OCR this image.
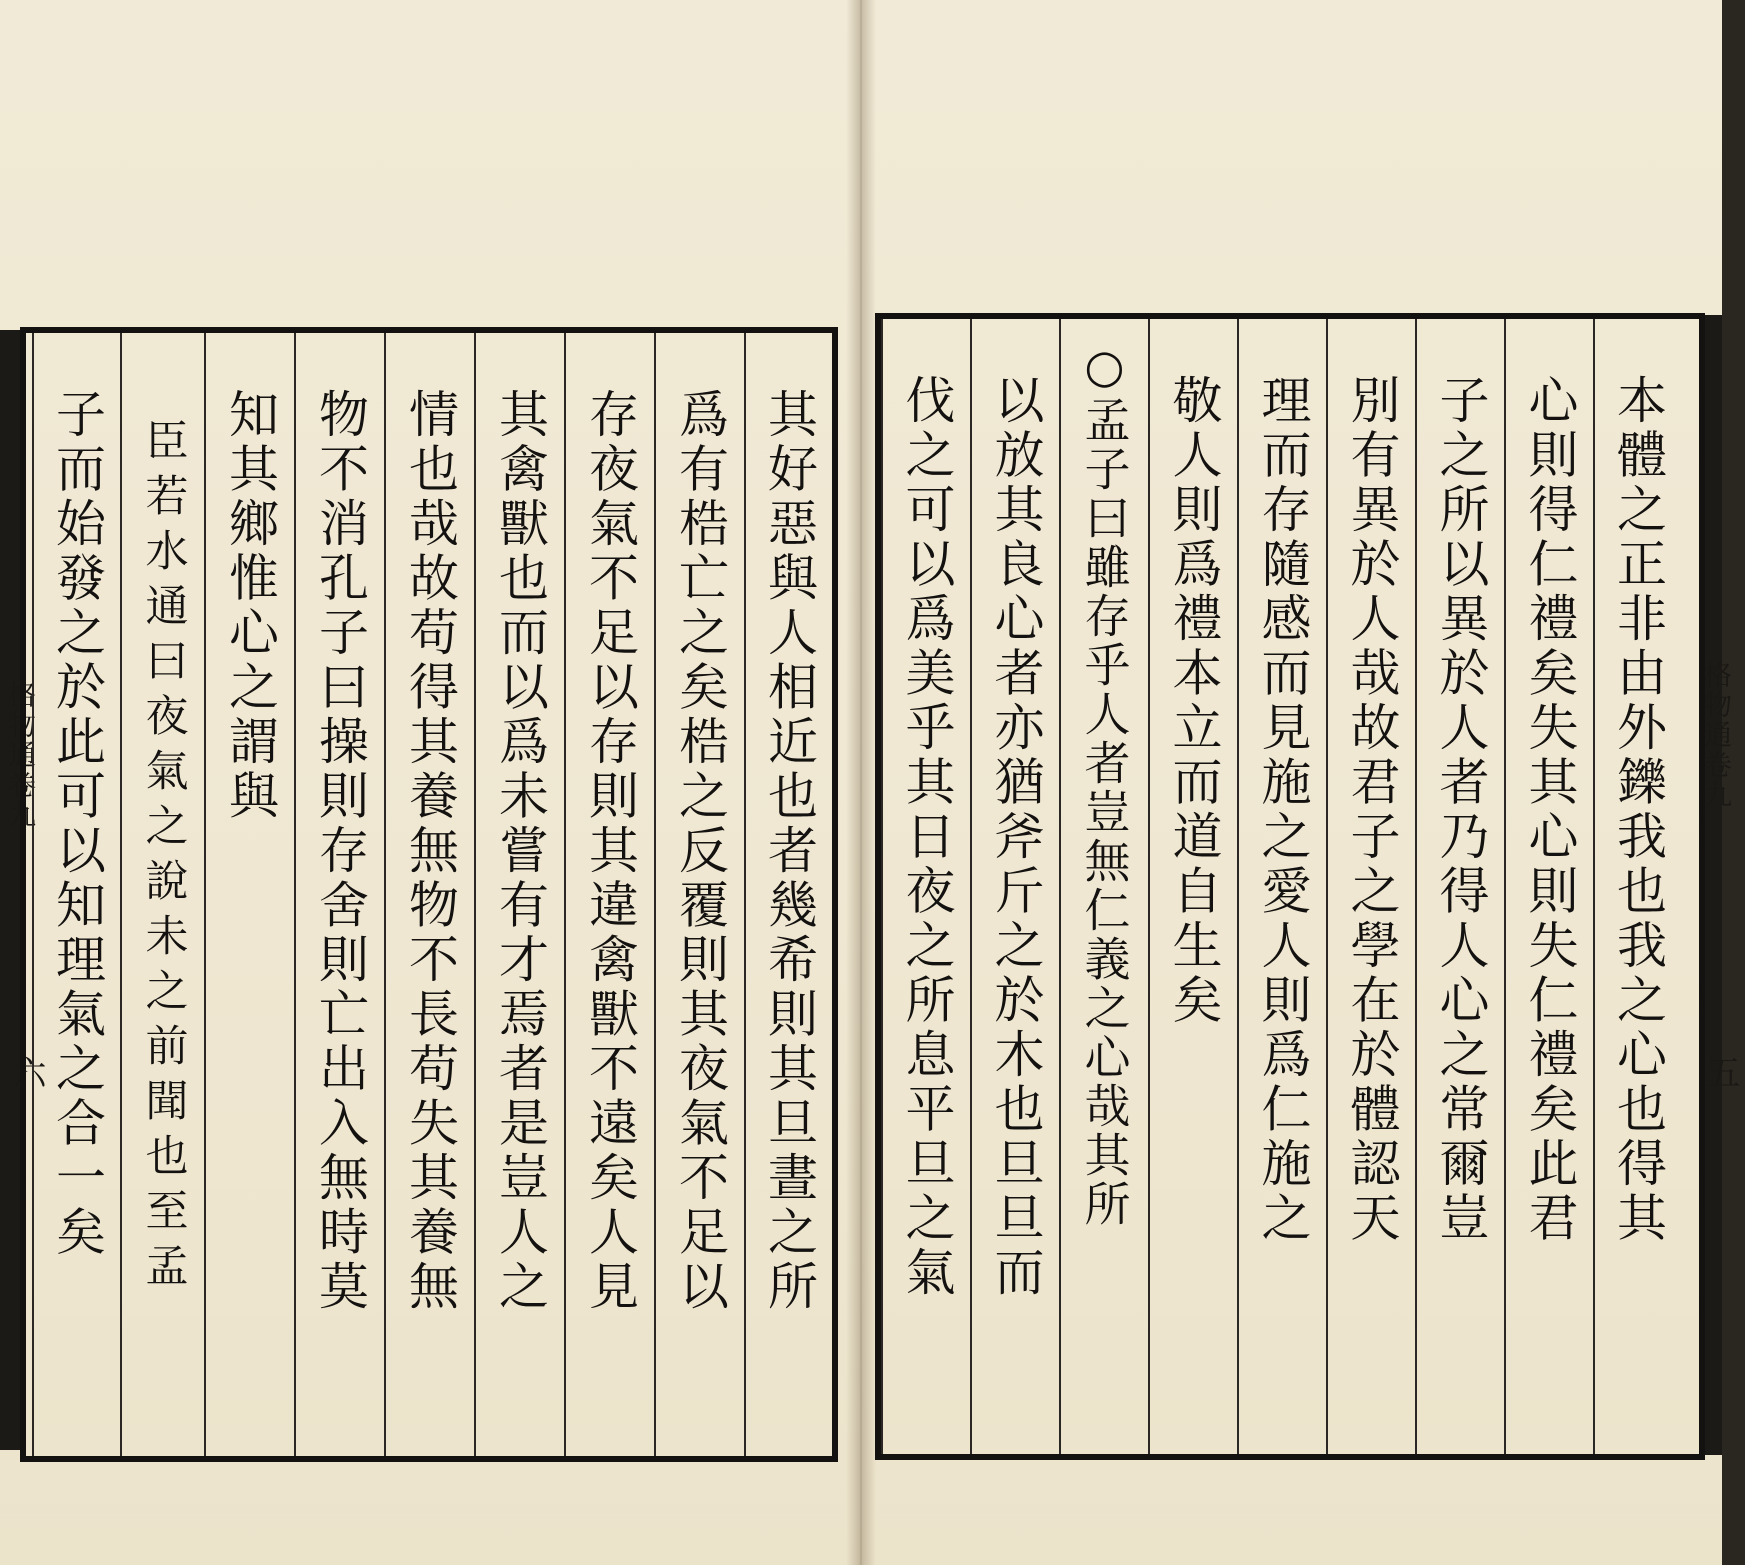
格物通卷九
六	其好惡與人相近也者幾希則其旦晝之所
爲有梏亡之矣梏之反覆則其夜氣不足以
存夜氣不足以存則其違禽獸不遠矣人見
其禽獸也而以爲未嘗有才焉者是豈人之
情也哉故苟得其養無物不長苟失其養無
物不消孔子曰操則存舍則亡出入無時莫
知其鄉惟心之謂與
臣若水通曰夜氣之說未之前聞也至孟
子而始發之於此可以知理氣之合一矣	格物通卷九
五
本體之正非由外鑠我也我之心也得其
心則得仁禮矣失其心則失仁禮矣此君
子之所以異於人者乃得人心之常爾豈
別有異於人哉故君子之學在於體認天
理而存隨感而見施之愛人則爲仁施之
敬人則爲禮本立而道自生矣
○孟子曰雖存乎人者豈無仁義之心哉其所
以放其良心者亦猶斧斤之於木也旦旦而
伐之可以爲美乎其日夜之所息平旦之氣
